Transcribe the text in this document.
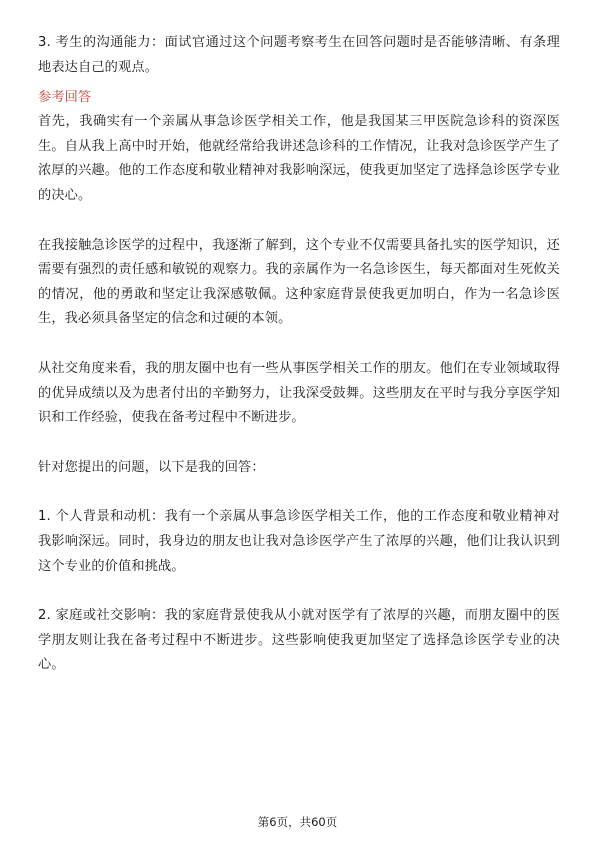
3. 考生的沟通能力：面试官通过这个问题考察考生在回答问题时是否能够清晰、有条理地表达自己的观点。

参考回答

首先，我确实有一个亲属从事急诊医学相关工作，他是我国某三甲医院急诊科的资深医生。自从我上高中时开始，他就经常给我讲述急诊科的工作情况，让我对急诊医学产生了浓厚的兴趣。他的工作态度和敬业精神对我影响深远，使我更加坚定了选择急诊医学专业的决心。

在我接触急诊医学的过程中，我逐渐了解到，这个专业不仅需要具备扎实的医学知识，还需要有强烈的责任感和敏锐的观察力。我的亲属作为一名急诊医生，每天都面对生死攸关的情况，他的勇敢和坚定让我深感敬佩。这种家庭背景使我更加明白，作为一名急诊医生，我必须具备坚定的信念和过硬的本领。

从社交角度来看，我的朋友圈中也有一些从事医学相关工作的朋友。他们在专业领域取得的优异成绩以及为患者付出的辛勤努力，让我深受鼓舞。这些朋友在平时与我分享医学知识和工作经验，使我在备考过程中不断进步。

针对您提出的问题，以下是我的回答：

1. 个人背景和动机：我有一个亲属从事急诊医学相关工作，他的工作态度和敬业精神对我影响深远。同时，我身边的朋友也让我对急诊医学产生了浓厚的兴趣，他们让我认识到这个专业的价值和挑战。

2. 家庭或社交影响：我的家庭背景使我从小就对医学有了浓厚的兴趣，而朋友圈中的医学朋友则让我在备考过程中不断进步。这些影响使我更加坚定了选择急诊医学专业的决心。

第6页，共60页
